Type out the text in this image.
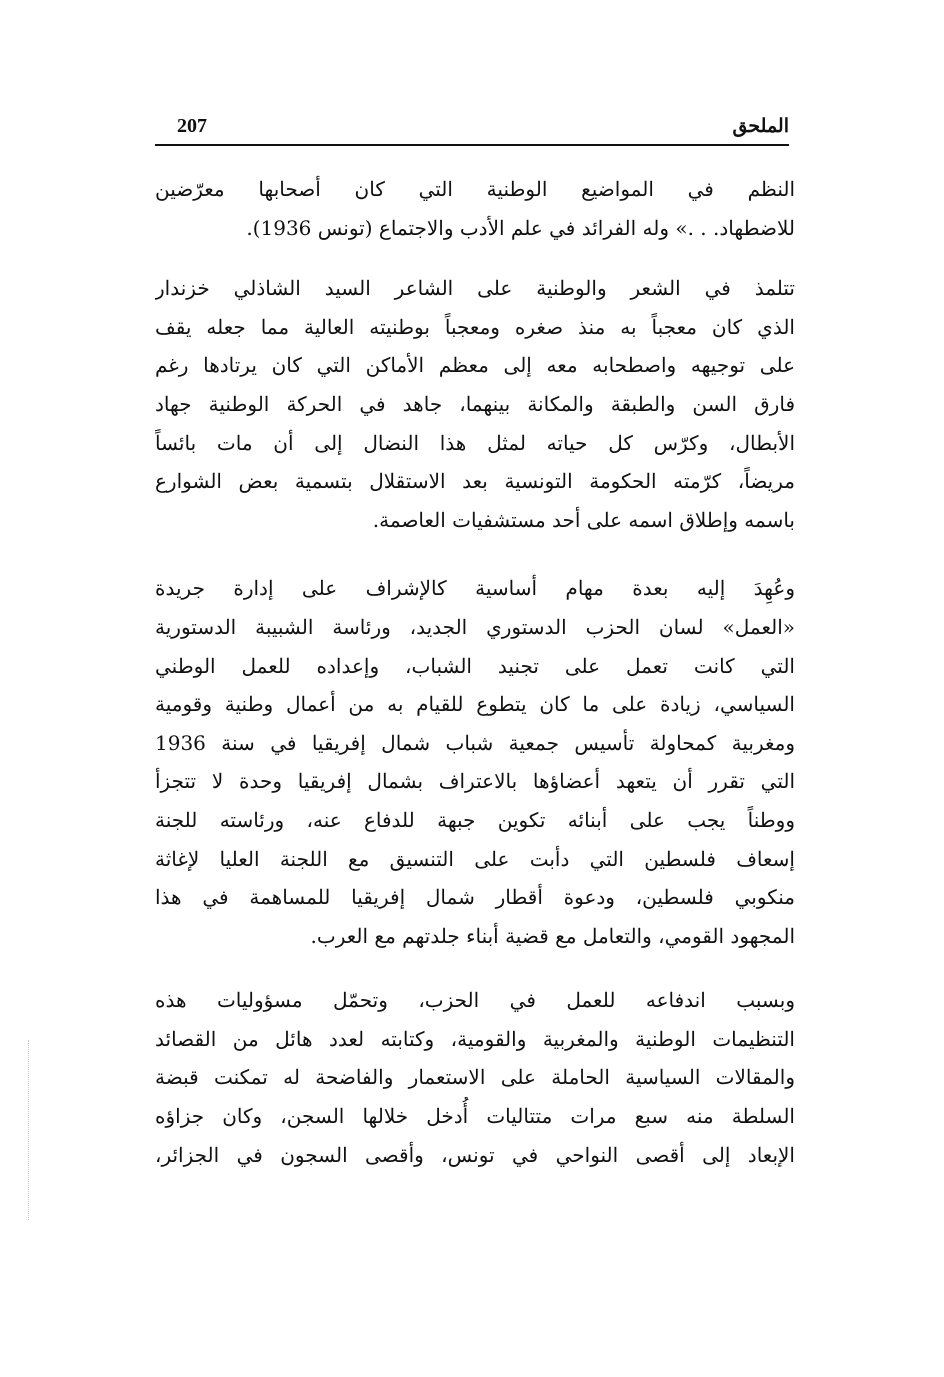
207	الملحق

النظم في المواضيع الوطنية التي كان أصحابها معرّضين
للاضطهاد. . .» وله الفرائد في علم الأدب والاجتماع (تونس 1936).

تتلمذ في الشعر والوطنية على الشاعر السيد الشاذلي خزندار
الذي كان معجباً به منذ صغره ومعجباً بوطنيته العالية مما جعله يقف
على توجيهه واصطحابه معه إلى معظم الأماكن التي كان يرتادها رغم
فارق السن والطبقة والمكانة بينهما، جاهد في الحركة الوطنية جهاد
الأبطال، وكرّس كل حياته لمثل هذا النضال إلى أن مات بائساً
مريضاً، كرّمته الحكومة التونسية بعد الاستقلال بتسمية بعض الشوارع
باسمه وإطلاق اسمه على أحد مستشفيات العاصمة.

وعُهِدَ إليه بعدة مهام أساسية كالإشراف على إدارة جريدة
«العمل» لسان الحزب الدستوري الجديد، ورئاسة الشبيبة الدستورية
التي كانت تعمل على تجنيد الشباب، وإعداده للعمل الوطني
السياسي، زيادة على ما كان يتطوع للقيام به من أعمال وطنية وقومية
ومغربية كمحاولة تأسيس جمعية شباب شمال إفريقيا في سنة 1936
التي تقرر أن يتعهد أعضاؤها بالاعتراف بشمال إفريقيا وحدة لا تتجزأ
ووطناً يجب على أبنائه تكوين جبهة للدفاع عنه، ورئاسته للجنة
إسعاف فلسطين التي دأبت على التنسيق مع اللجنة العليا لإغاثة
منكوبي فلسطين، ودعوة أقطار شمال إفريقيا للمساهمة في هذا
المجهود القومي، والتعامل مع قضية أبناء جلدتهم مع العرب.

وبسبب اندفاعه للعمل في الحزب، وتحمّل مسؤوليات هذه
التنظيمات الوطنية والمغربية والقومية، وكتابته لعدد هائل من القصائد
والمقالات السياسية الحاملة على الاستعمار والفاضحة له تمكنت قبضة
السلطة منه سبع مرات متتاليات أُدخل خلالها السجن، وكان جزاؤه
الإبعاد إلى أقصى النواحي في تونس، وأقصى السجون في الجزائر،
